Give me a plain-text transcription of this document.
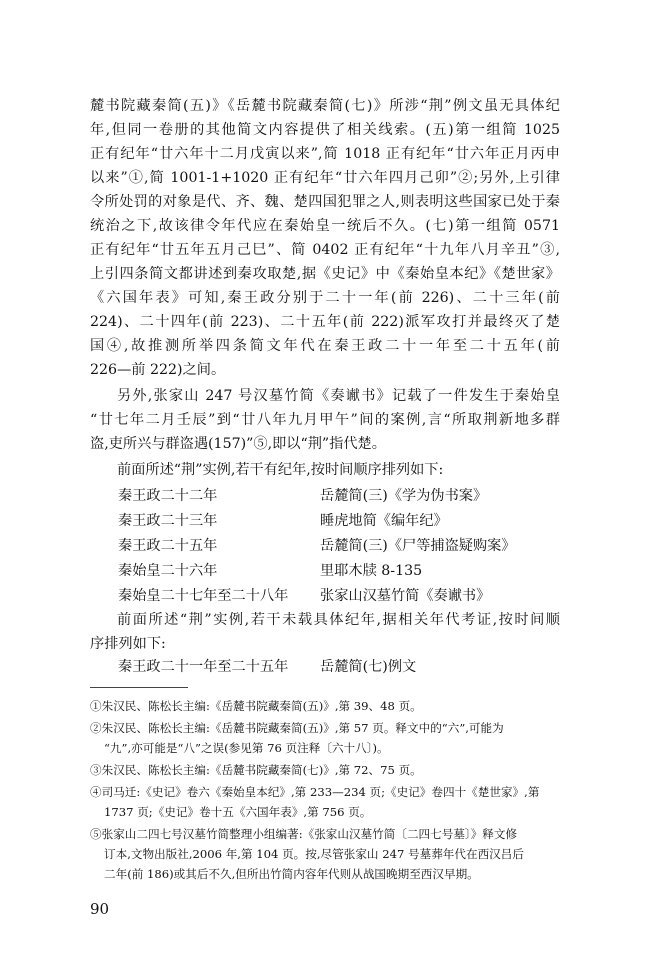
麓书院藏秦简(五)》《岳麓书院藏秦简(七)》所涉“荆”例文虽无具体纪
年,但同一卷册的其他简文内容提供了相关线索。(五)第一组简 1025
正有纪年“廿六年十二月戊寅以来”,简 1018 正有纪年“廿六年正月丙申
以来”①,简 1001-1+1020 正有纪年“廿六年四月己卯”②;另外,上引律
令所处罚的对象是代、齐、魏、楚四国犯罪之人,则表明这些国家已处于秦
统治之下,故该律令年代应在秦始皇一统后不久。(七)第一组简 0571
正有纪年“廿五年五月己巳”、简 0402 正有纪年“十九年八月辛丑”③,
上引四条简文都讲述到秦攻取楚,据《史记》中《秦始皇本纪》《楚世家》
《六国年表》可知,秦王政分别于二十一年(前 226)、二十三年(前
224)、二十四年(前 223)、二十五年(前 222)派军攻打并最终灭了楚
国④,故推测所举四条简文年代在秦王政二十一年至二十五年(前
226—前 222)之间。
另外,张家山 247 号汉墓竹简《奏谳书》记载了一件发生于秦始皇
“廿七年二月壬辰”到“廿八年九月甲午”间的案例,言“所取荆新地多群
盗,吏所兴与群盗遇(157)”⑤,即以“荆”指代楚。
前面所述“荆”实例,若干有纪年,按时间顺序排列如下:
秦王政二十二年	岳麓简(三)《学为伪书案》
秦王政二十三年	睡虎地简《编年纪》
秦王政二十五年	岳麓简(三)《尸等捕盗疑购案》
秦始皇二十六年	里耶木牍 8-135
秦始皇二十七年至二十八年 张家山汉墓竹简《奏谳书》
前面所述“荆”实例,若干未载具体纪年,据相关年代考证,按时间顺
序排列如下:
秦王政二十一年至二十五年 岳麓简(七)例文
①朱汉民、陈松长主编:《岳麓书院藏秦简(五)》,第 39、48 页。
②朱汉民、陈松长主编:《岳麓书院藏秦简(五)》,第 57 页。释文中的“六”,可能为
“九”,亦可能是“八”之误(参见第 76 页注释〔六十八〕)。
③朱汉民、陈松长主编:《岳麓书院藏秦简(七)》,第 72、75 页。
④司马迁:《史记》卷六《秦始皇本纪》,第 233—234 页;《史记》卷四十《楚世家》,第
1737 页;《史记》卷十五《六国年表》,第 756 页。
⑤张家山二四七号汉墓竹简整理小组编著:《张家山汉墓竹简〔二四七号墓〕》释文修
订本,文物出版社,2006 年,第 104 页。按,尽管张家山 247 号墓葬年代在西汉吕后
二年(前 186)或其后不久,但所出竹简内容年代则从战国晚期至西汉早期。
90
